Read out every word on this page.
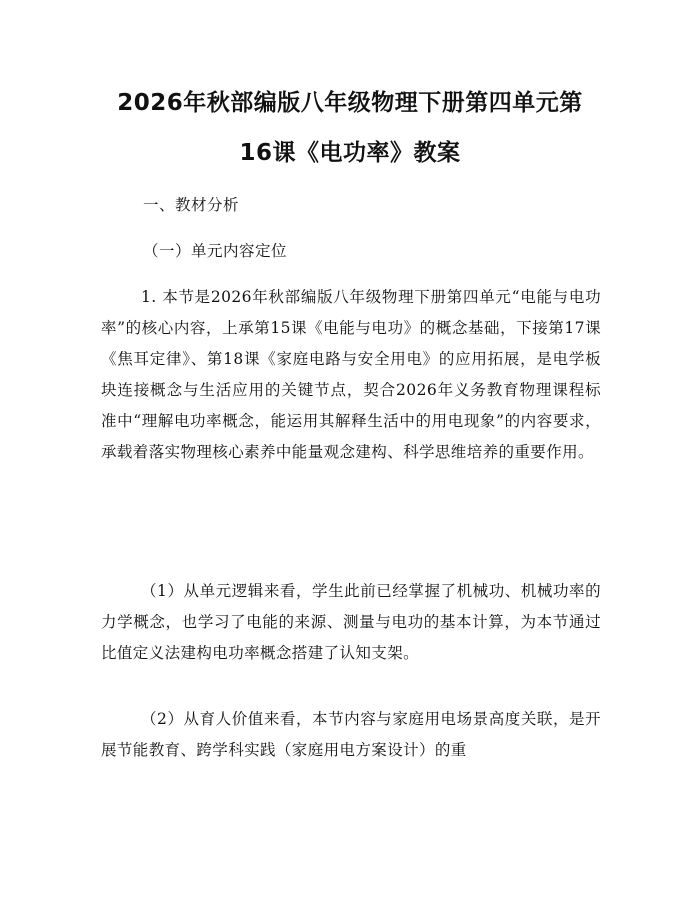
2026年秋部编版八年级物理下册第四单元第
16课《电功率》教案
一、教材分析
（一）单元内容定位
1. 本节是2026年秋部编版八年级物理下册第四单元“电能与电功率”的核心内容，上承第15课《电能与电功》的概念基础，下接第17课《焦耳定律》、第18课《家庭电路与安全用电》的应用拓展，是电学板块连接概念与生活应用的关键节点，契合2026年义务教育物理课程标准中“理解电功率概念，能运用其解释生活中的用电现象”的内容要求，承载着落实物理核心素养中能量观念建构、科学思维培养的重要作用。
（1）从单元逻辑来看，学生此前已经掌握了机械功、机械功率的力学概念，也学习了电能的来源、测量与电功的基本计算，为本节通过比值定义法建构电功率概念搭建了认知支架。
（2）从育人价值来看，本节内容与家庭用电场景高度关联，是开展节能教育、跨学科实践（家庭用电方案设计）的重
